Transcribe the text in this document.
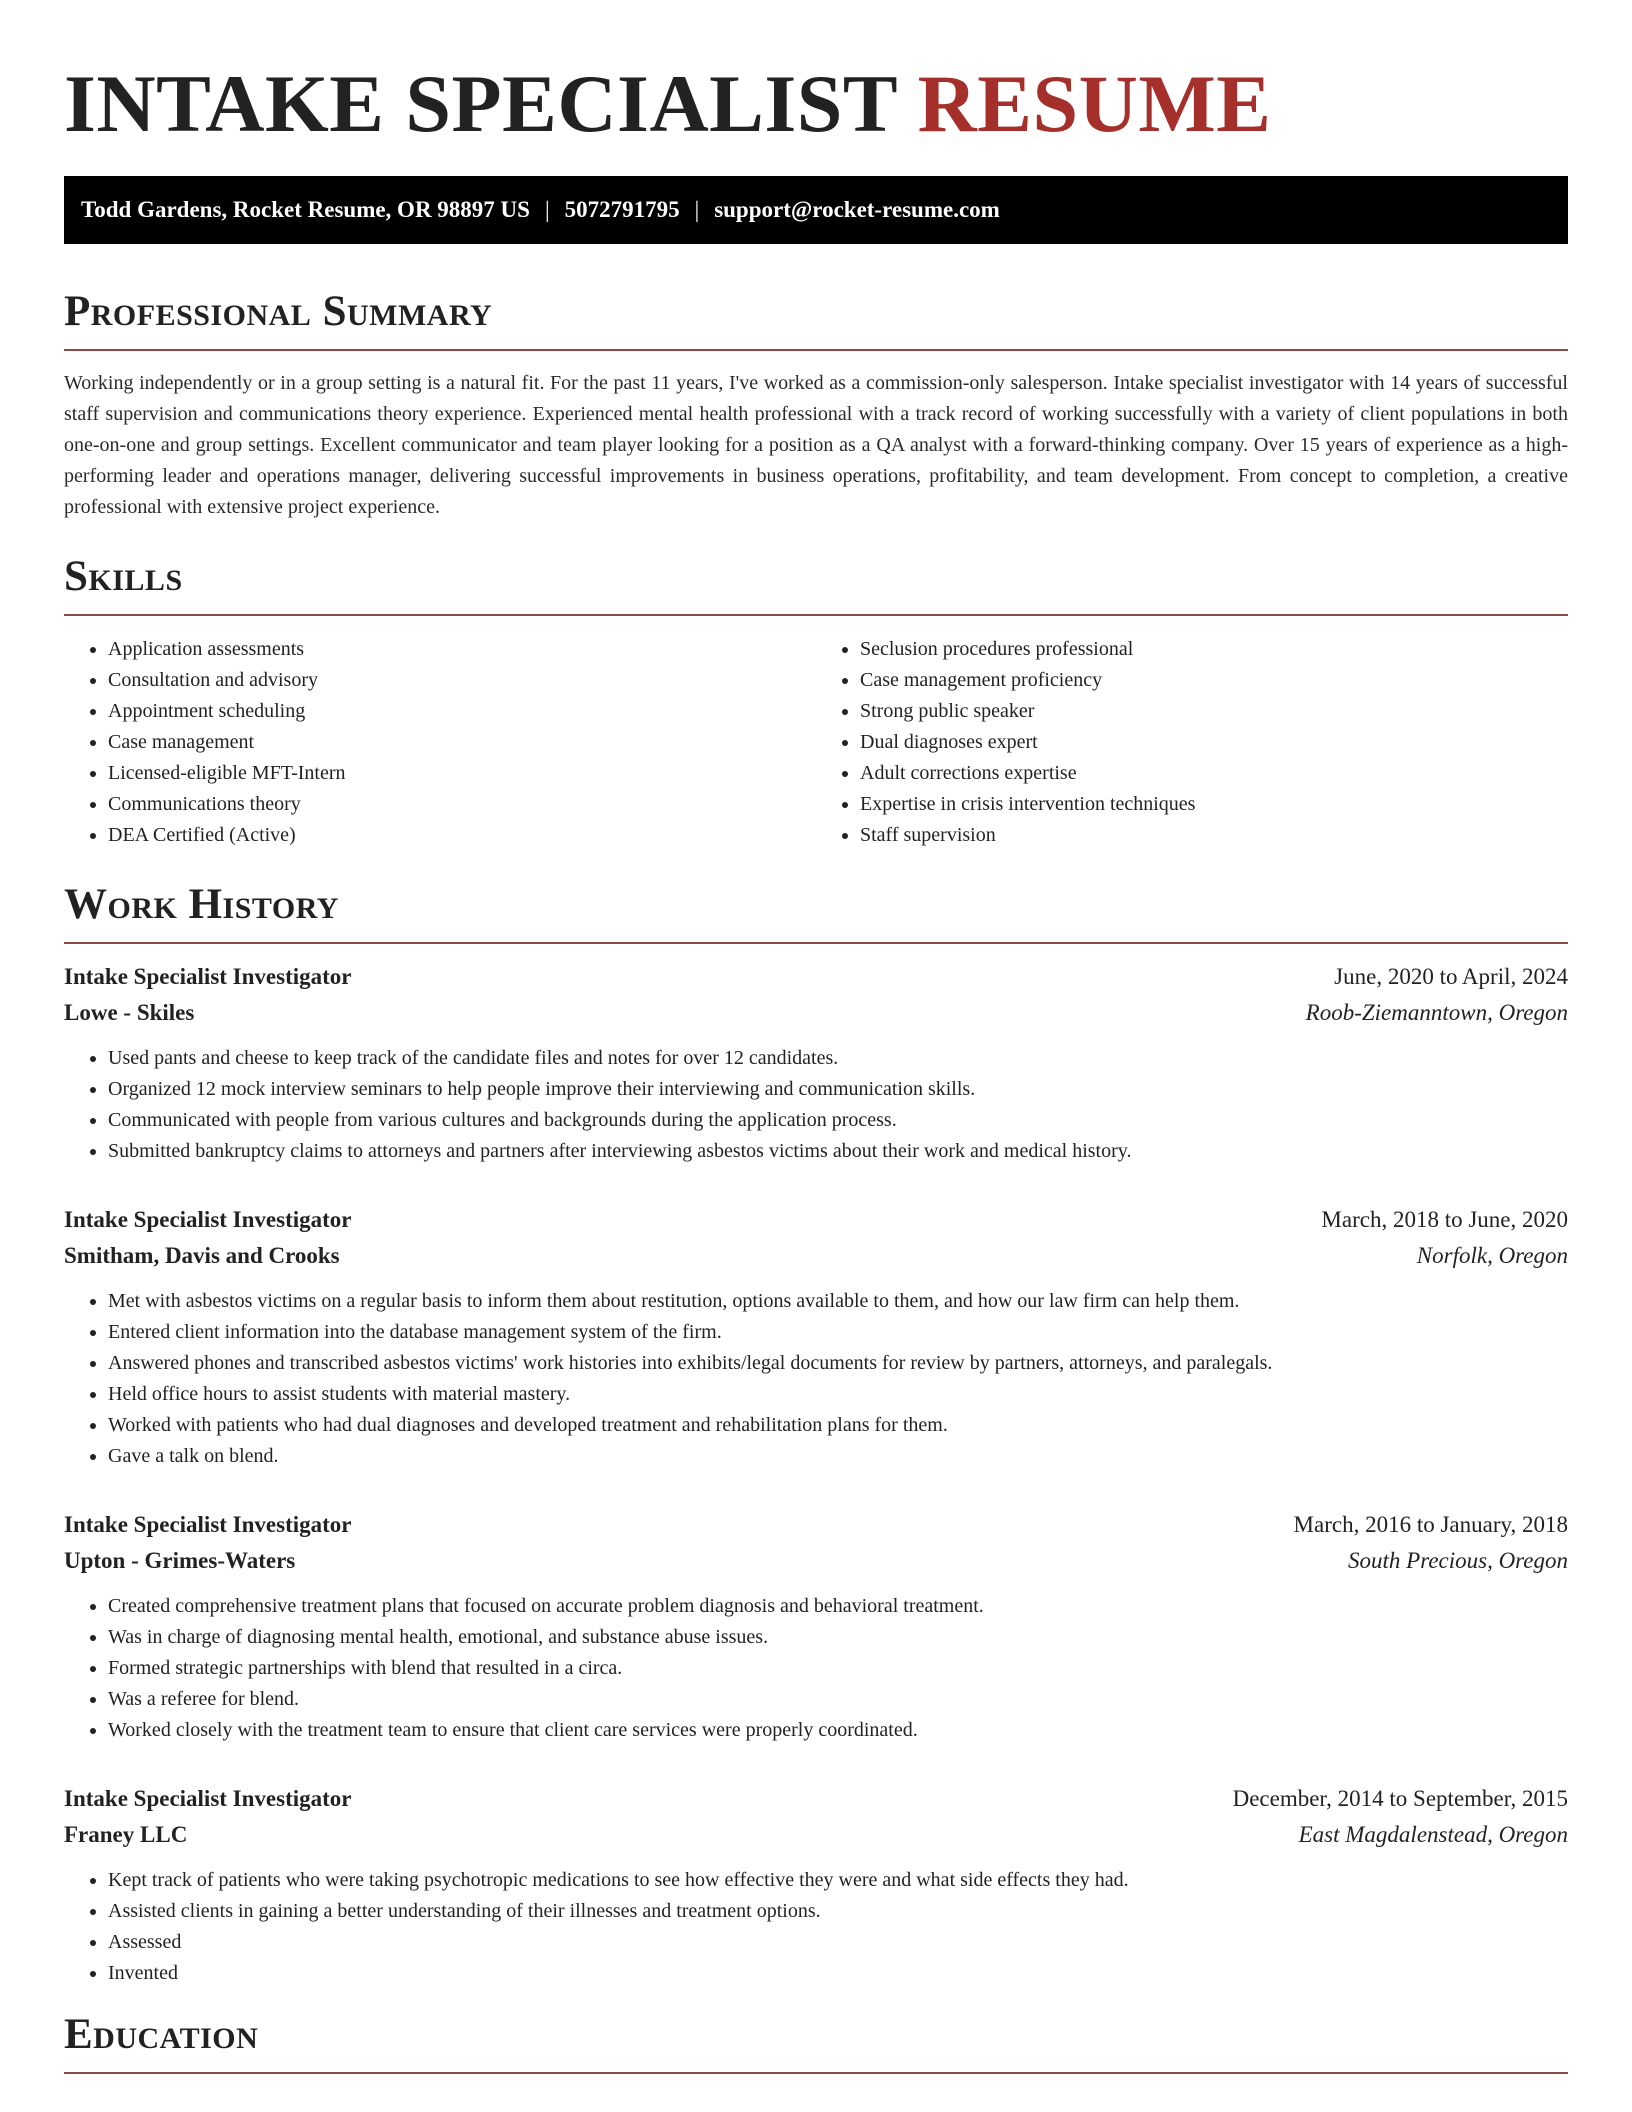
INTAKE SPECIALIST RESUME
Todd Gardens, Rocket Resume, OR 98897 US | 5072791795 | support@rocket-resume.com
Professional Summary

Working independently or in a group setting is a natural fit. For the past 11 years, I've worked as a commission-only salesperson. Intake specialist investigator with 14 years of successful staff supervision and communications theory experience. Experienced mental health professional with a track record of working successfully with a variety of client populations in both one-on-one and group settings. Excellent communicator and team player looking for a position as a QA analyst with a forward-thinking company. Over 15 years of experience as a high-performing leader and operations manager, delivering successful improvements in business operations, profitability, and team development. From concept to completion, a creative professional with extensive project experience.

Skills
• Application assessments
• Consultation and advisory
• Appointment scheduling
• Case management
• Licensed-eligible MFT-Intern
• Communications theory
• DEA Certified (Active)
• Seclusion procedures professional
• Case management proficiency
• Strong public speaker
• Dual diagnoses expert
• Adult corrections expertise
• Expertise in crisis intervention techniques
• Staff supervision
Work History
Intake Specialist Investigator	June, 2020 to April, 2024
Lowe - Skiles	Roob-Ziemanntown, Oregon
• Used pants and cheese to keep track of the candidate files and notes for over 12 candidates.
• Organized 12 mock interview seminars to help people improve their interviewing and communication skills.
• Communicated with people from various cultures and backgrounds during the application process.
• Submitted bankruptcy claims to attorneys and partners after interviewing asbestos victims about their work and medical history.
Intake Specialist Investigator	March, 2018 to June, 2020
Smitham, Davis and Crooks	Norfolk, Oregon
• Met with asbestos victims on a regular basis to inform them about restitution, options available to them, and how our law firm can help them.
• Entered client information into the database management system of the firm.
• Answered phones and transcribed asbestos victims' work histories into exhibits/legal documents for review by partners, attorneys, and paralegals.
• Held office hours to assist students with material mastery.
• Worked with patients who had dual diagnoses and developed treatment and rehabilitation plans for them.
• Gave a talk on blend.
Intake Specialist Investigator	March, 2016 to January, 2018
Upton - Grimes-Waters	South Precious, Oregon
• Created comprehensive treatment plans that focused on accurate problem diagnosis and behavioral treatment.
• Was in charge of diagnosing mental health, emotional, and substance abuse issues.
• Formed strategic partnerships with blend that resulted in a circa.
• Was a referee for blend.
• Worked closely with the treatment team to ensure that client care services were properly coordinated.
Intake Specialist Investigator	December, 2014 to September, 2015
Franey LLC	East Magdalenstead, Oregon
• Kept track of patients who were taking psychotropic medications to see how effective they were and what side effects they had.
• Assisted clients in gaining a better understanding of their illnesses and treatment options.
• Assessed
• Invented
Education
